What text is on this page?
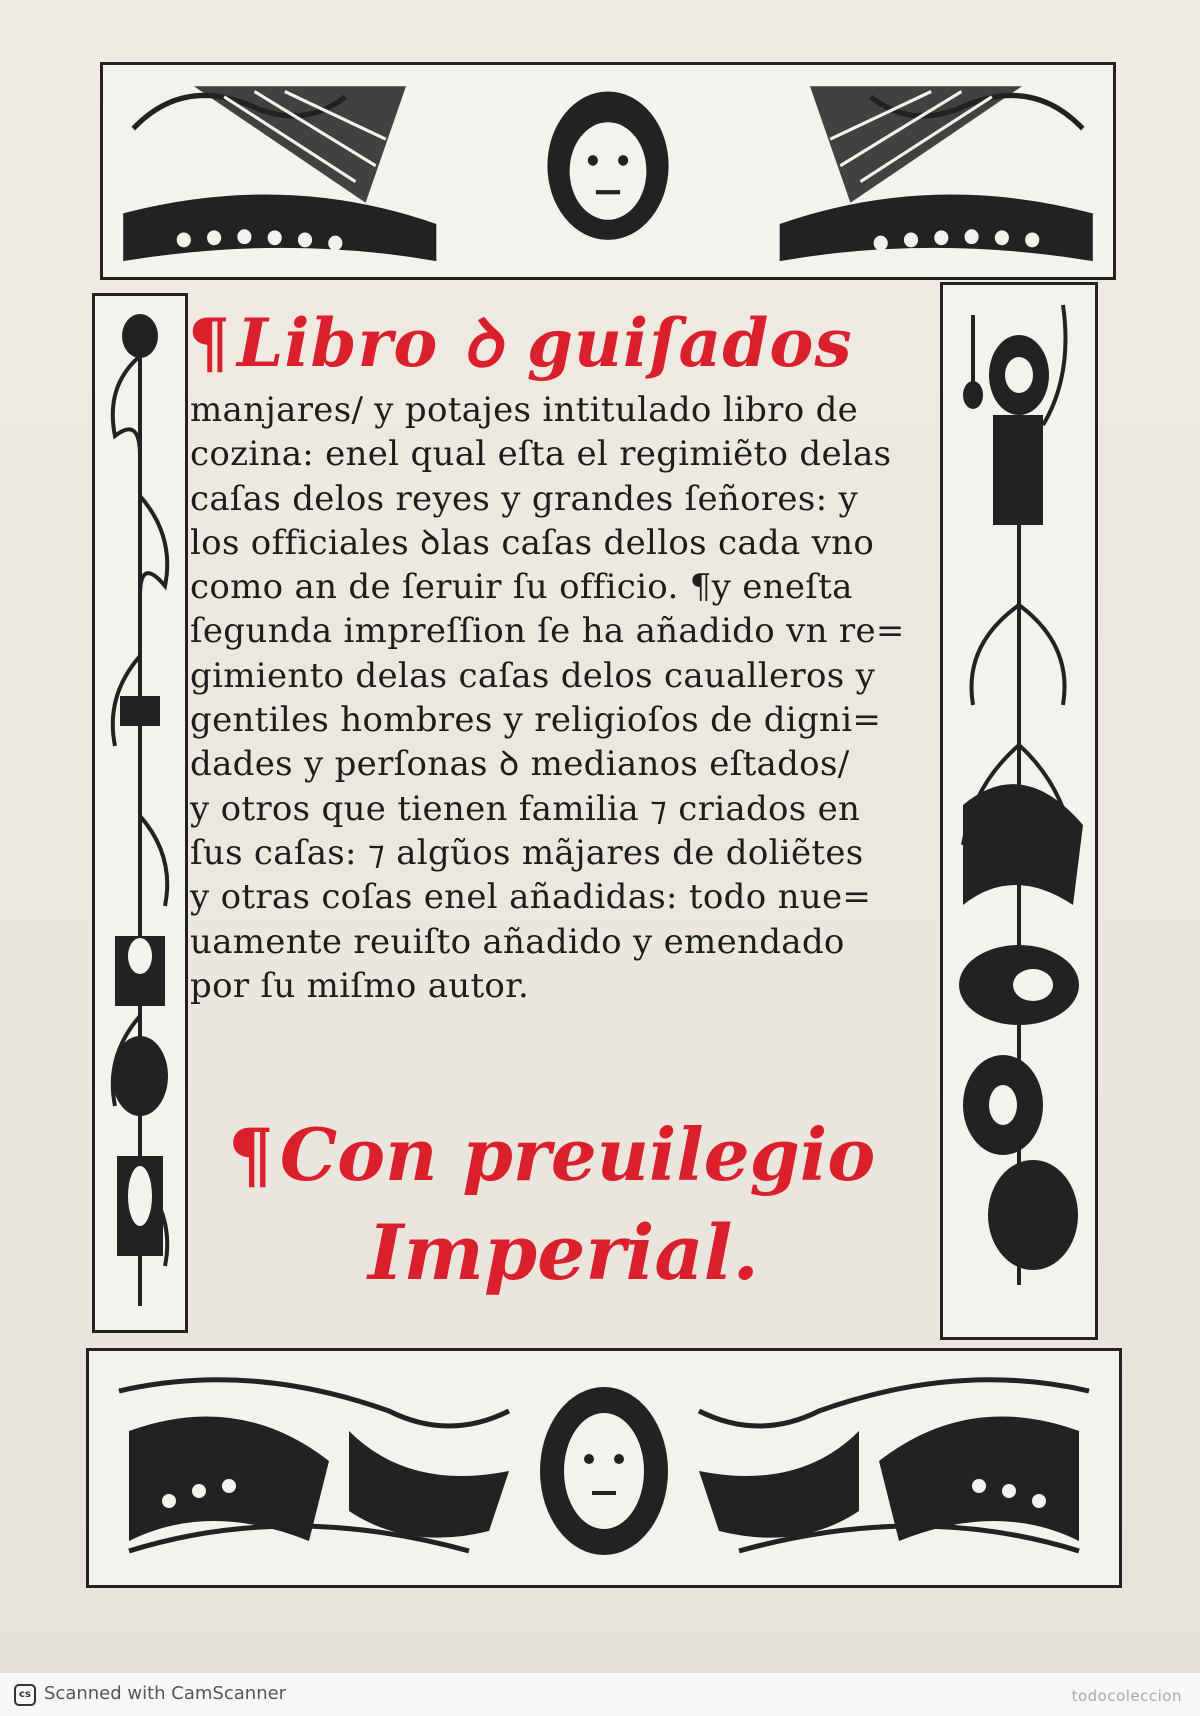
¶Libro ꝺ guiſados
manjares/ y potajes intitulado libro de
cozina: enel qual eſta el regimiẽto delas
caſas delos reyes y grandes ſeñores: y
los officiales ꝺlas caſas dellos cada vno
como an de ſeruir ſu officio. ¶y eneſta
ſegunda impreſſion ſe ha añadido vn re=
gimiento delas caſas delos caualleros y
gentiles hombres y religioſos de digni=
dades y perſonas ꝺ medianos eſtados/
y otros que tienen familia ⁊ criados en
ſus caſas: ⁊ algũos mãjares de doliẽtes
y otras coſas enel añadidas: todo nue=
uamente reuiſto añadido y emendado
por ſu miſmo autor.
¶Con preuilegio
Imperial.
cs Scanned with CamScanner	todocoleccion
